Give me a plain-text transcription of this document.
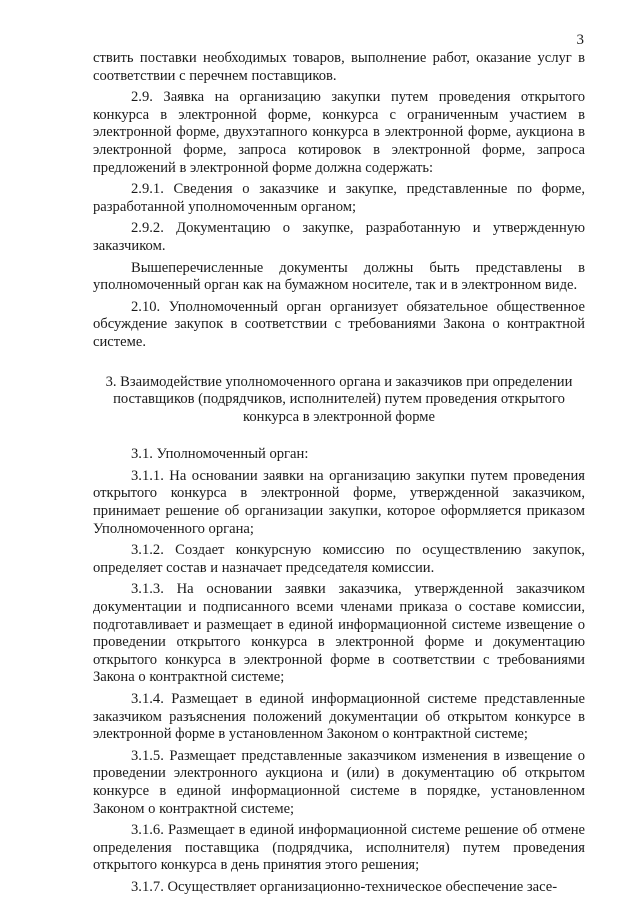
3

ствить поставки необходимых товаров, выполнение работ, оказание услуг в соответствии с перечнем поставщиков.

2.9. Заявка на организацию закупки путем проведения открытого конкурса в электронной форме, конкурса с ограниченным участием в электронной форме, двухэтапного конкурса в электронной форме, аукциона в электронной форме, запроса котировок в электронной форме, запроса предложений в электронной форме должна содержать:

2.9.1. Сведения о заказчике и закупке, представленные по форме, разработанной уполномоченным органом;

2.9.2. Документацию о закупке, разработанную и утвержденную заказчиком.

Вышеперечисленные документы должны быть представлены в уполномоченный орган как на бумажном носителе, так и в электронном виде.

2.10. Уполномоченный орган организует обязательное общественное обсуждение закупок в соответствии с требованиями Закона о контрактной системе.

3. Взаимодействие уполномоченного органа и заказчиков при определении поставщиков (подрядчиков, исполнителей) путем проведения открытого конкурса в электронной форме

3.1. Уполномоченный орган:

3.1.1. На основании заявки на организацию закупки путем проведения открытого конкурса в электронной форме, утвержденной заказчиком, принимает решение об организации закупки, которое оформляется приказом Уполномоченного органа;

3.1.2. Создает конкурсную комиссию по осуществлению закупок, определяет состав и назначает председателя комиссии.

3.1.3. На основании заявки заказчика, утвержденной заказчиком документации и подписанного всеми членами приказа о составе комиссии, подготавливает и размещает в единой информационной системе извещение о проведении открытого конкурса в электронной форме и документацию открытого конкурса в электронной форме в соответствии с требованиями Закона о контрактной системе;

3.1.4. Размещает в единой информационной системе представленные заказчиком разъяснения положений документации об открытом конкурсе в электронной форме в установленном Законом о контрактной системе;

3.1.5. Размещает представленные заказчиком изменения в извещение о проведении электронного аукциона и (или) в документацию об открытом конкурсе в единой информационной системе в порядке, установленном Законом о контрактной системе;

3.1.6. Размещает в единой информационной системе решение об отмене определения поставщика (подрядчика, исполнителя) путем проведения открытого конкурса в день принятия этого решения;

3.1.7. Осуществляет организационно-техническое обеспечение засе-
